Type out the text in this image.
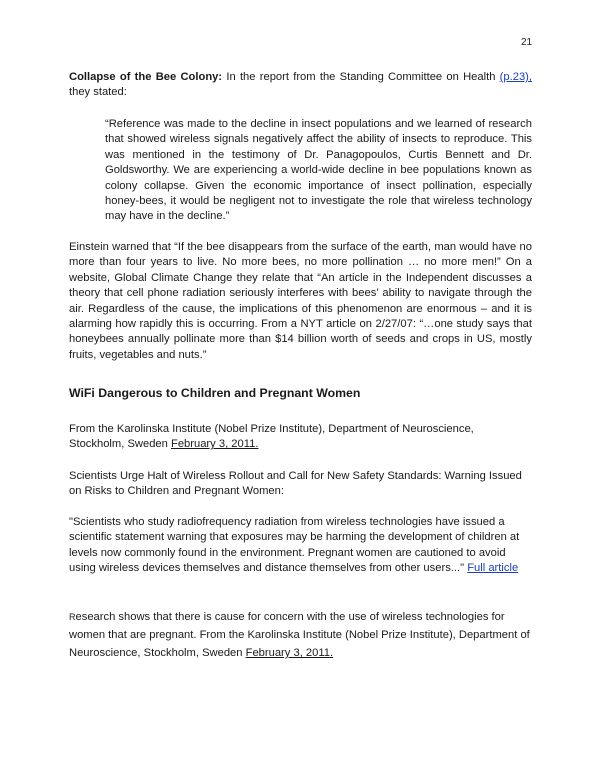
21

Collapse of the Bee Colony: In the report from the Standing Committee on Health (p.23), they stated:

“Reference was made to the decline in insect populations and we learned of research that showed wireless signals negatively affect the ability of insects to reproduce. This was mentioned in the testimony of Dr. Panagopoulos, Curtis Bennett and Dr. Goldsworthy. We are experiencing a world-wide decline in bee populations known as colony collapse. Given the economic importance of insect pollination, especially honey-bees, it would be negligent not to investigate the role that wireless technology may have in the decline.”

Einstein warned that “If the bee disappears from the surface of the earth, man would have no more than four years to live. No more bees, no more pollination … no more men!” On a website, Global Climate Change they relate that “An article in the Independent discusses a theory that cell phone radiation seriously interferes with bees’ ability to navigate through the air. Regardless of the cause, the implications of this phenomenon are enormous – and it is alarming how rapidly this is occurring. From a NYT article on 2/27/07: “…one study says that honeybees annually pollinate more than $14 billion worth of seeds and crops in US, mostly fruits, vegetables and nuts.”

WiFi Dangerous to Children and Pregnant Women

From the Karolinska Institute (Nobel Prize Institute), Department of Neuroscience, Stockholm, Sweden February 3, 2011.

Scientists Urge Halt of Wireless Rollout and Call for New Safety Standards: Warning Issued on Risks to Children and Pregnant Women:

"Scientists who study radiofrequency radiation from wireless technologies have issued a scientific statement warning that exposures may be harming the development of children at levels now commonly found in the environment. Pregnant women are cautioned to avoid using wireless devices themselves and distance themselves from other users..." Full article

Research shows that there is cause for concern with the use of wireless technologies for women that are pregnant. From the Karolinska Institute (Nobel Prize Institute), Department of Neuroscience, Stockholm, Sweden February 3, 2011.
